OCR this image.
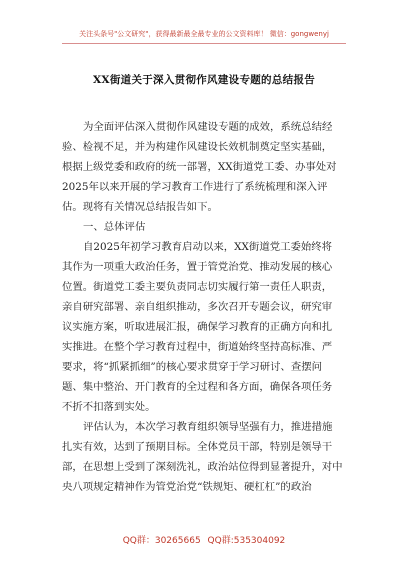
关注头条号"公文研究"，获得最新最全最专业的公文资料库！ 微信：gongwenyj
XX街道关于深入贯彻作风建设专题的总结报告
为全面评估深入贯彻作风建设专题的成效，系统总结经
验、检视不足，并为构建作风建设长效机制奠定坚实基础，
根据上级党委和政府的统一部署，XX街道党工委、办事处对
2025年以来开展的学习教育工作进行了系统梳理和深入评
估。现将有关情况总结报告如下。
一、总体评估
自2025年初学习教育启动以来，XX街道党工委始终将
其作为一项重大政治任务，置于管党治党、推动发展的核心
位置。街道党工委主要负责同志切实履行第一责任人职责，
亲自研究部署、亲自组织推动，多次召开专题会议，研究审
议实施方案，听取进展汇报，确保学习教育的正确方向和扎
实推进。在整个学习教育过程中，街道始终坚持高标准、严
要求，将“抓紧抓细”的核心要求贯穿于学习研讨、查摆问
题、集中整治、开门教育的全过程和各方面，确保各项任务
不折不扣落到实处。
评估认为，本次学习教育组织领导坚强有力，推进措施
扎实有效，达到了预期目标。全体党员干部，特别是领导干
部，在思想上受到了深刻洗礼，政治站位得到显著提升，对中
央八项规定精神作为管党治党“铁规矩、硬杠杠”的政治
QQ群：30265665 QQ群:535304092
